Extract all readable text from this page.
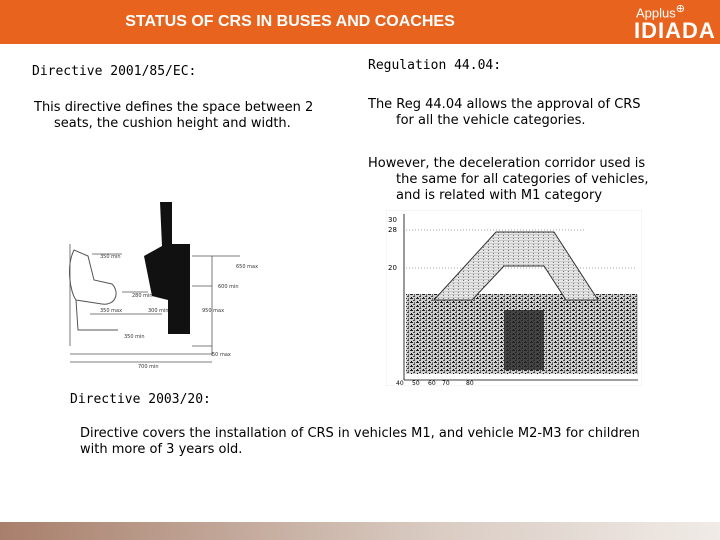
STATUS OF CRS IN BUSES AND COACHES
Applus⊕
IDIADA
Directive 2001/85/EC:
This directive defines the space between 2
seats, the cushion height and width.
Regulation 44.04:
The Reg 44.04 allows the approval of CRS
for all the vehicle categories.
However, the deceleration corridor used is
the same for all categories of vehicles,
and is related with M1 category
350 min
650 max
600 min
280 min
350 max	300 min	950 max
350 min
50 max
700 min
30
28
20
40 50 60 70	80
Directive 2003/20:
Directive covers the installation of CRS in vehicles M1, and vehicle M2-M3 for children
with more of 3 years old.
